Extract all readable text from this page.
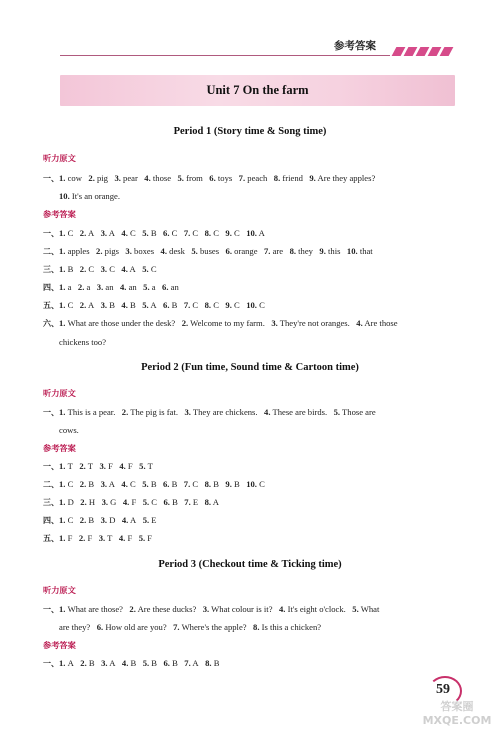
参考答案
Unit 7 On the farm
Period 1 (Story time & Song time)
听力原文
一、1. cow 2. pig 3. pear 4. those 5. from 6. toys 7. peach 8. friend 9. Are they apples?
10. It's an orange.
参考答案
一、1. C 2. A 3. A 4. C 5. B 6. C 7. C 8. C 9. C 10. A
二、1. apples 2. pigs 3. boxes 4. desk 5. buses 6. orange 7. are 8. they 9. this 10. that
三、1. B 2. C 3. C 4. A 5. C
四、1. a 2. a 3. an 4. an 5. a 6. an
五、1. C 2. A 3. B 4. B 5. A 6. B 7. C 8. C 9. C 10. C
六、1. What are those under the desk? 2. Welcome to my farm. 3. They're not oranges. 4. Are those
chickens too?
Period 2 (Fun time, Sound time & Cartoon time)
听力原文
一、1. This is a pear. 2. The pig is fat. 3. They are chickens. 4. These are birds. 5. Those are
cows.
参考答案
一、1. T 2. T 3. F 4. F 5. T
二、1. C 2. B 3. A 4. C 5. B 6. B 7. C 8. B 9. B 10. C
三、1. D 2. H 3. G 4. F 5. C 6. B 7. E 8. A
四、1. C 2. B 3. D 4. A 5. E
五、1. F 2. F 3. T 4. F 5. F
Period 3 (Checkout time & Ticking time)
听力原文
一、1. What are those? 2. Are these ducks? 3. What colour is it? 4. It's eight o'clock. 5. What
are they? 6. How old are you? 7. Where's the apple? 8. Is this a chicken?
参考答案
一、1. A 2. B 3. A 4. B 5. B 6. B 7. A 8. B
59
答案圈
MXQE.COM
